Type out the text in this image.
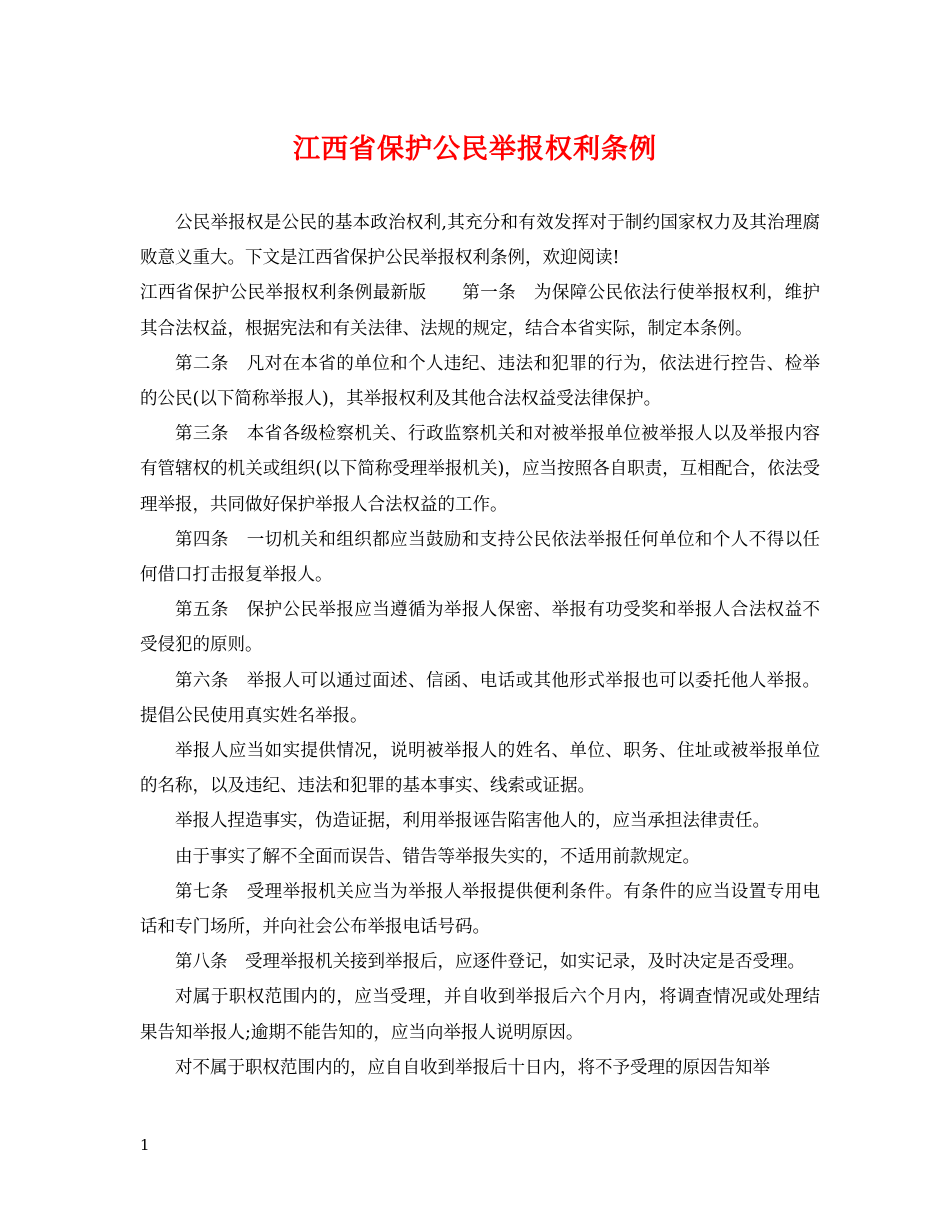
江西省保护公民举报权利条例

公民举报权是公民的基本政治权利,其充分和有效发挥对于制约国家权力及其治理腐败意义重大。下文是江西省保护公民举报权利条例，欢迎阅读!

江西省保护公民举报权利条例最新版　　第一条　为保障公民依法行使举报权利，维护其合法权益，根据宪法和有关法律、法规的规定，结合本省实际，制定本条例。

第二条　凡对在本省的单位和个人违纪、违法和犯罪的行为，依法进行控告、检举的公民(以下简称举报人)，其举报权利及其他合法权益受法律保护。

第三条　本省各级检察机关、行政监察机关和对被举报单位被举报人以及举报内容有管辖权的机关或组织(以下简称受理举报机关)，应当按照各自职责，互相配合，依法受理举报，共同做好保护举报人合法权益的工作。

第四条　一切机关和组织都应当鼓励和支持公民依法举报任何单位和个人不得以任何借口打击报复举报人。

第五条　保护公民举报应当遵循为举报人保密、举报有功受奖和举报人合法权益不受侵犯的原则。

第六条　举报人可以通过面述、信函、电话或其他形式举报也可以委托他人举报。提倡公民使用真实姓名举报。

举报人应当如实提供情况，说明被举报人的姓名、单位、职务、住址或被举报单位的名称，以及违纪、违法和犯罪的基本事实、线索或证据。

举报人捏造事实，伪造证据，利用举报诬告陷害他人的，应当承担法律责任。

由于事实了解不全面而误告、错告等举报失实的，不适用前款规定。

第七条　受理举报机关应当为举报人举报提供便利条件。有条件的应当设置专用电话和专门场所，并向社会公布举报电话号码。

第八条　受理举报机关接到举报后，应逐件登记，如实记录，及时决定是否受理。

对属于职权范围内的，应当受理，并自收到举报后六个月内，将调查情况或处理结果告知举报人;逾期不能告知的，应当向举报人说明原因。

对不属于职权范围内的，应自自收到举报后十日内，将不予受理的原因告知举

1
